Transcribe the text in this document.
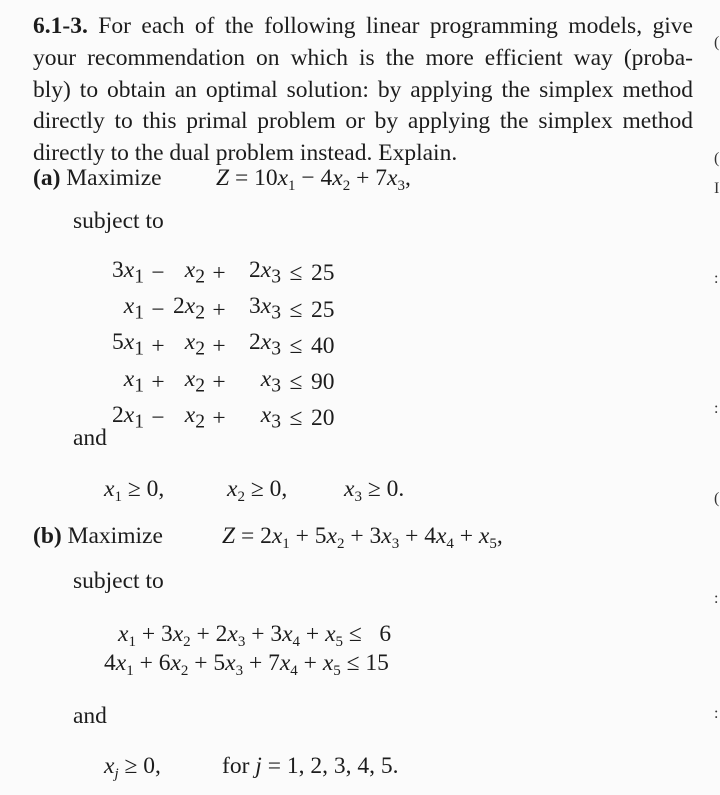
6.1-3. For each of the following linear programming models, give
your recommendation on which is the more efficient way (proba-
bly) to obtain an optimal solution: by applying the simplex method
directly to this primal problem or by applying the simplex method
directly to the dual problem instead. Explain.
(a) Maximize $Z = 10x_1 - 4x_2 + 7x_3$,
subject to
$3x_1$	−	$x_2$	+	$2x_3$	≤	25
$x_1$	−	$2x_2$	+	$3x_3$	≤	25
$5x_1$	+	$x_2$	+	$2x_3$	≤	40
$x_1$	+	$x_2$	+	$x_3$	≤	90
$2x_1$	−	$x_2$	+	$x_3$	≤	20
and
$x_1 \ge 0$,	$x_2 \ge 0$, $x_3 \ge 0$.
(b) Maximize	$Z = 2x_1 + 5x_2 + 3x_3 + 4x_4 + x_5$,
subject to
$x_1 + 3x_2 + 2x_3 + 3x_4 + x_5 \le 6$
$4x_1 + 6x_2 + 5x_3 + 7x_4 + x_5 \le 15$
and
$x_j \ge 0$,	for j = 1, 2, 3, 4, 5.
(
(
I
:
:
(
:
:
